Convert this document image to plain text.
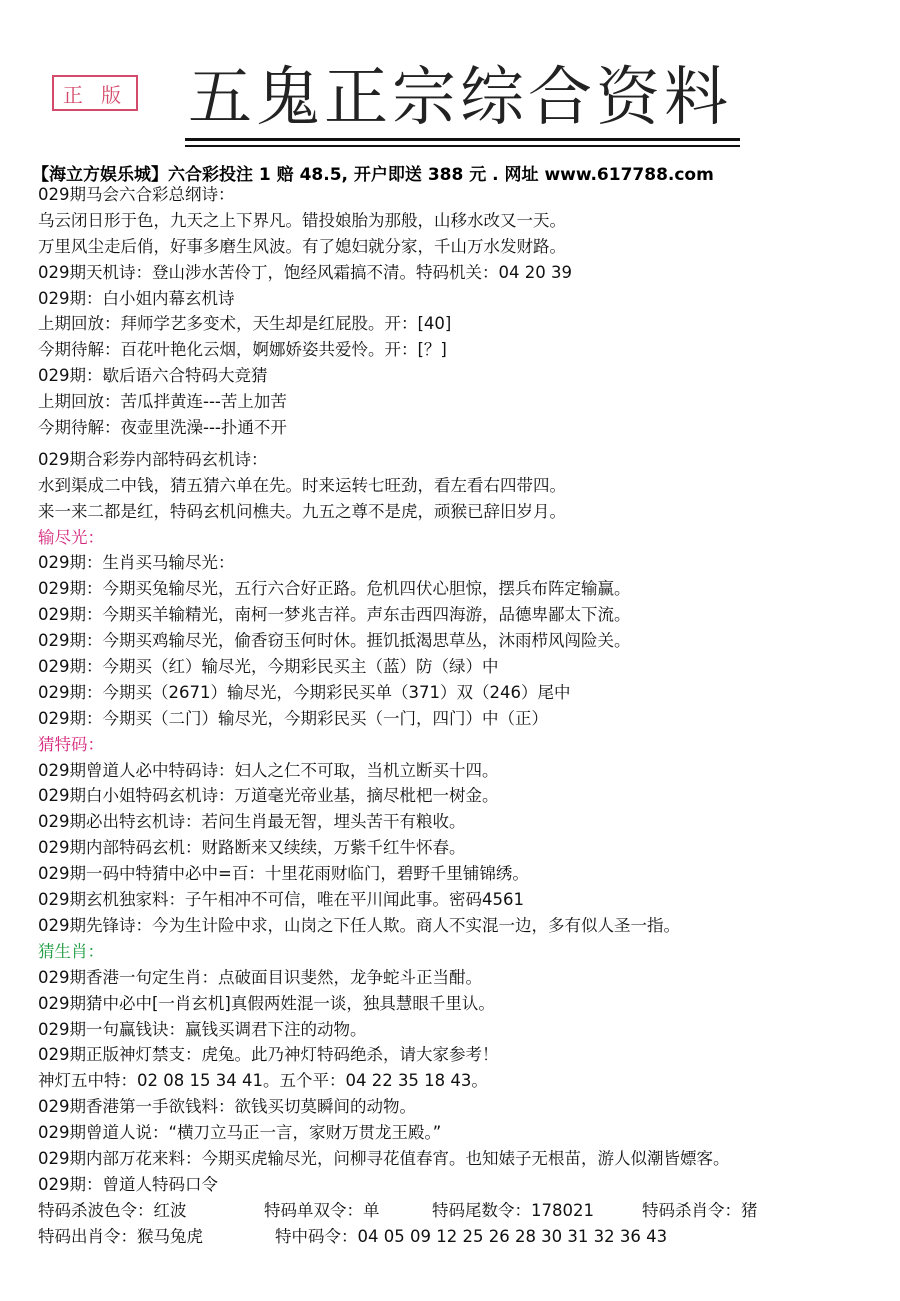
正 版 五鬼正宗综合资料
【海立方娱乐城】六合彩投注 1 赔 48.5, 开户即送 388 元 . 网址 www.617788.com
029期马会六合彩总纲诗：
乌云闭日形于色，九天之上下界凡。错投娘胎为那般，山移水改又一天。
万里风尘走后俏，好事多磨生风波。有了媳妇就分家，千山万水发财路。
029期天机诗：登山涉水苦伶丁，饱经风霜搞不清。特码机关：04 20 39
029期：白小姐内幕玄机诗
上期回放：拜师学艺多变术，天生却是红屁股。开：[40]
今期待解：百花叶艳化云烟，婀娜娇姿共爱怜。开：[？]
029期：歇后语六合特码大竞猜
上期回放：苦瓜拌黄连---苦上加苦
今期待解：夜壶里洗澡---扑通不开
029期合彩券内部特码玄机诗：
水到渠成二中钱，猜五猜六单在先。时来运转七旺劲，看左看右四带四。
来一来二都是红，特码玄机问樵夫。九五之尊不是虎，顽猴已辞旧岁月。
输尽光：
029期：生肖买马输尽光：
029期：今期买兔输尽光，五行六合好正路。危机四伏心胆惊，摆兵布阵定输赢。
029期：今期买羊输精光，南柯一梦兆吉祥。声东击西四海游，品德卑鄙太下流。
029期：今期买鸡输尽光，偷香窃玉何时休。捱饥抵渴思草丛，沐雨栉风闯险关。
029期：今期买（红）输尽光，今期彩民买主（蓝）防（绿）中
029期：今期买（2671）输尽光，今期彩民买单（371）双（246）尾中
029期：今期买（二门）输尽光，今期彩民买（一门，四门）中（正）
猜特码：
029期曾道人必中特码诗：妇人之仁不可取，当机立断买十四。
029期白小姐特码玄机诗：万道毫光帝业基，摘尽枇杷一树金。
029期必出特玄机诗：若问生肖最无智，埋头苦干有粮收。
029期内部特码玄机：财路断来又续续，万紫千红牛怀春。
029期一码中特猜中必中=百：十里花雨财临门，碧野千里铺锦绣。
029期玄机独家料：子午相冲不可信，唯在平川闻此事。密码4561
029期先锋诗：今为生计险中求，山岗之下任人欺。商人不实混一边，多有似人圣一指。
猜生肖：
029期香港一句定生肖：点破面目识斐然，龙争蛇斗正当酣。
029期猜中必中[一肖玄机]真假两姓混一谈，独具慧眼千里认。
029期一句赢钱诀：赢钱买调君下注的动物。
029期正版神灯禁支：虎兔。此乃神灯特码绝杀，请大家参考！
神灯五中特：02 08 15 34 41。五个平：04 22 35 18 43。
029期香港第一手欲钱料：欲钱买切莫瞬间的动物。
029期曾道人说：“横刀立马正一言，家财万贯龙王殿。”
029期内部万花来料：今期买虎输尽光，问柳寻花值春宵。也知婊子无根苗，游人似潮皆嫖客。
029期：曾道人特码口令
特码杀波色令：红波	特码单双令：单	特码尾数令：178021	特码杀肖令：猪
特码出肖令：猴马兔虎	特中码令：04 05 09 12 25 26 28 30 31 32 36 43
